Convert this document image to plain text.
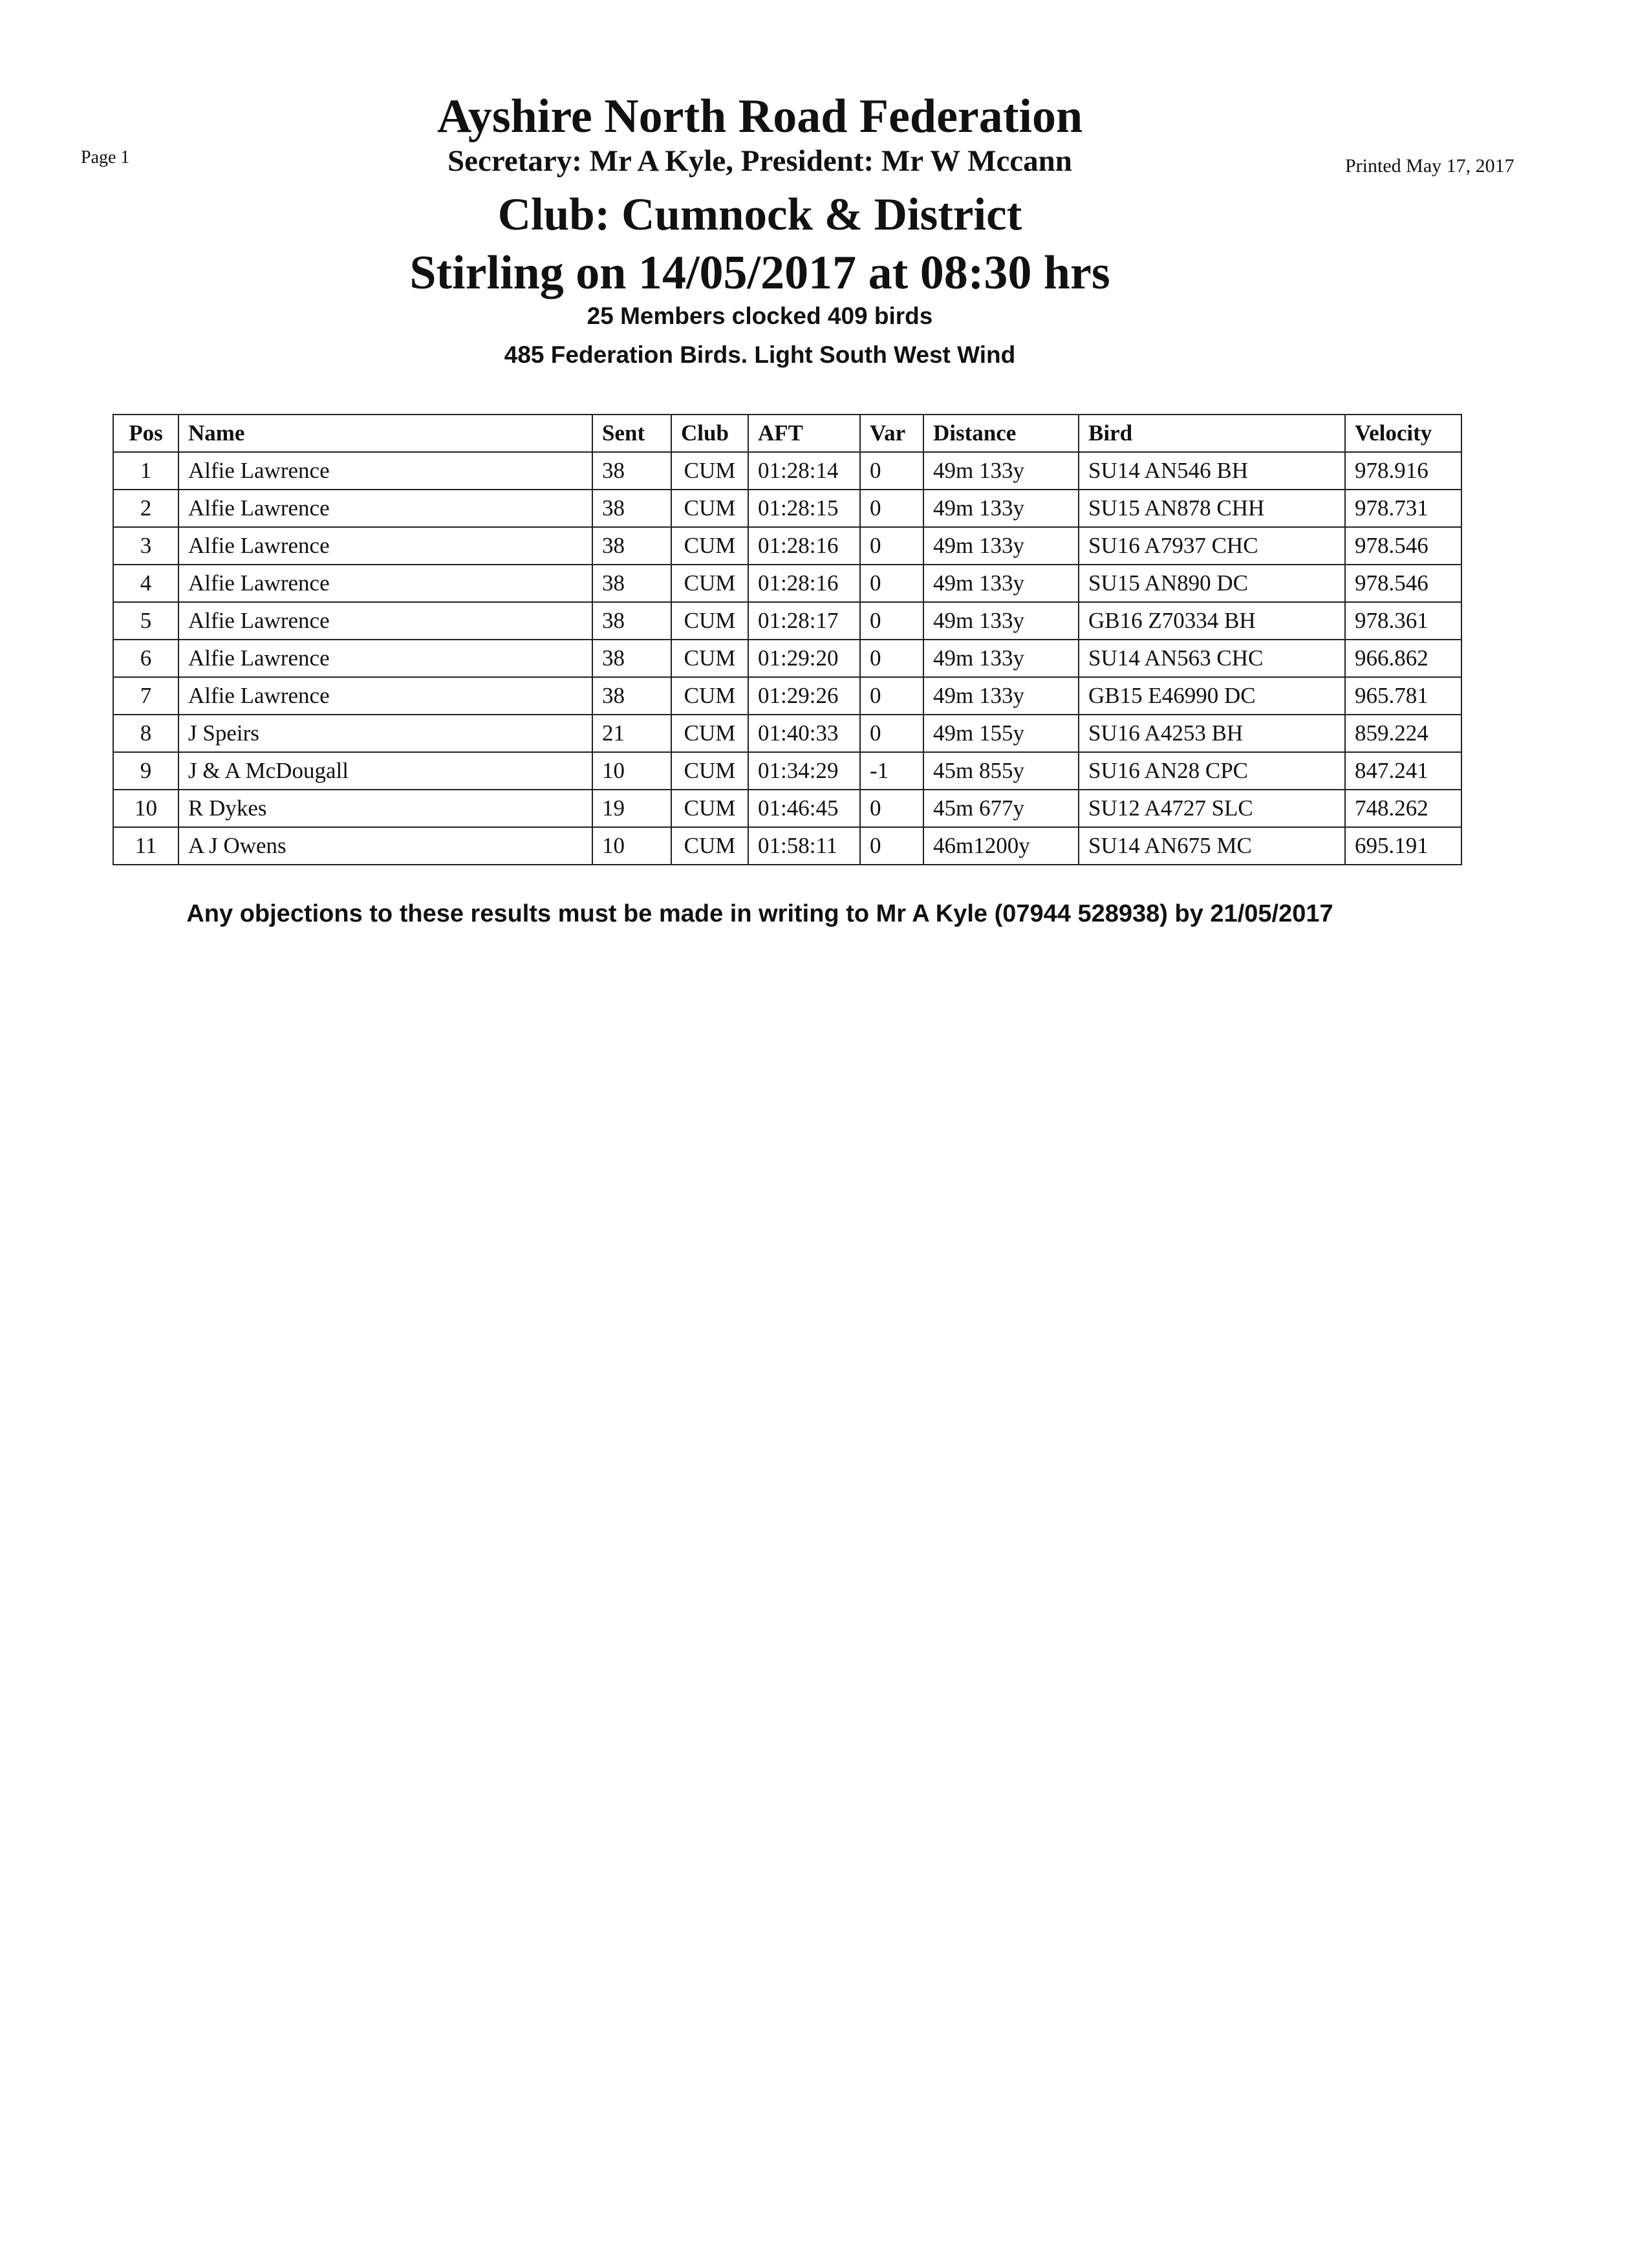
Page 1
Ayshire North Road Federation
Secretary: Mr A Kyle, President: Mr W Mccann	Printed May 17, 2017
Club: Cumnock & District
Stirling on 14/05/2017 at 08:30 hrs
25 Members clocked 409 birds
485 Federation Birds. Light South West Wind
Pos	Name	Sent	Club	AFT	Var	Distance	Bird	Velocity
1	Alfie Lawrence	38	CUM	01:28:14	0	49m 133y	SU14 AN546 BH	978.916
2	Alfie Lawrence	38	CUM	01:28:15	0	49m 133y	SU15 AN878 CHH	978.731
3	Alfie Lawrence	38	CUM	01:28:16	0	49m 133y	SU16 A7937 CHC	978.546
4	Alfie Lawrence	38	CUM	01:28:16	0	49m 133y	SU15 AN890 DC	978.546
5	Alfie Lawrence	38	CUM	01:28:17	0	49m 133y	GB16 Z70334 BH	978.361
6	Alfie Lawrence	38	CUM	01:29:20	0	49m 133y	SU14 AN563 CHC	966.862
7	Alfie Lawrence	38	CUM	01:29:26	0	49m 133y	GB15 E46990 DC	965.781
8	J Speirs	21	CUM	01:40:33	0	49m 155y	SU16 A4253 BH	859.224
9	J & A McDougall	10	CUM	01:34:29	-1	45m 855y	SU16 AN28 CPC	847.241
10	R Dykes	19	CUM	01:46:45	0	45m 677y	SU12 A4727 SLC	748.262
11	A J Owens	10	CUM	01:58:11	0	46m1200y	SU14 AN675 MC	695.191
Any objections to these results must be made in writing to Mr A Kyle (07944 528938) by 21/05/2017
